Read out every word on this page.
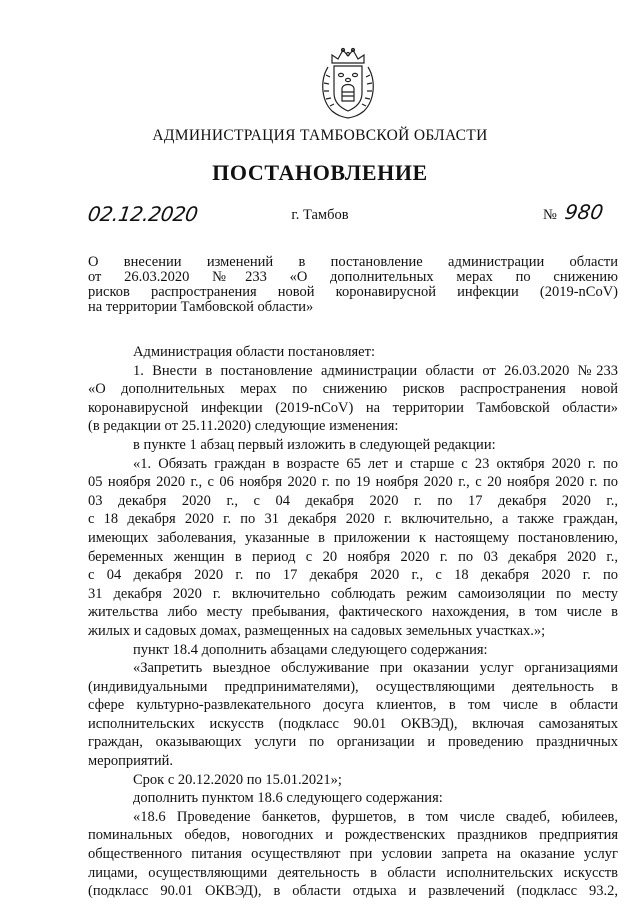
АДМИНИСТРАЦИЯ ТАМБОВСКОЙ ОБЛАСТИ
ПОСТАНОВЛЕНИЕ
02.12.2020	г. Тамбов	№ 980
О внесении изменений в постановление администрации области
от 26.03.2020 №233 «О дополнительных мерах по снижению
рисков распространения новой коронавирусной инфекции (2019-nCoV)
на территории Тамбовской области»
Администрация области постановляет:
1. Внести в постановление администрации области от 26.03.2020 №233
«О дополнительных мерах по снижению рисков распространения новой
коронавирусной инфекции (2019-nCoV) на территории Тамбовской области»
(в редакции от 25.11.2020) следующие изменения:
в пункте 1 абзац первый изложить в следующей редакции:
«1. Обязать граждан в возрасте 65 лет и старше с 23 октября 2020 г. по
05 ноября 2020 г., с 06 ноября 2020 г. по 19 ноября 2020 г., с 20 ноября 2020 г. по
03 декабря 2020 г., с 04 декабря 2020 г. по 17 декабря 2020 г.,
с 18 декабря 2020 г. по 31 декабря 2020 г. включительно, а также граждан,
имеющих заболевания, указанные в приложении к настоящему постановлению,
беременных женщин в период с 20 ноября 2020 г. по 03 декабря 2020 г.,
с 04 декабря 2020 г. по 17 декабря 2020 г., с 18 декабря 2020 г. по
31 декабря 2020 г. включительно соблюдать режим самоизоляции по месту
жительства либо месту пребывания, фактического нахождения, в том числе в
жилых и садовых домах, размещенных на садовых земельных участках.»;
пункт 18.4 дополнить абзацами следующего содержания:
«Запретить выездное обслуживание при оказании услуг организациями
(индивидуальными предпринимателями), осуществляющими деятельность в
сфере культурно-развлекательного досуга клиентов, в том числе в области
исполнительских искусств (подкласс 90.01 ОКВЭД), включая самозанятых
граждан, оказывающих услуги по организации и проведению праздничных
мероприятий.
Срок с 20.12.2020 по 15.01.2021»;
дополнить пунктом 18.6 следующего содержания:
«18.6 Проведение банкетов, фуршетов, в том числе свадеб, юбилеев,
поминальных обедов, новогодних и рождественских праздников предприятия
общественного питания осуществляют при условии запрета на оказание услуг
лицами, осуществляющими деятельность в области исполнительских искусств
(подкласс 90.01 ОКВЭД), в области отдыха и развлечений (подкласс 93.2,
